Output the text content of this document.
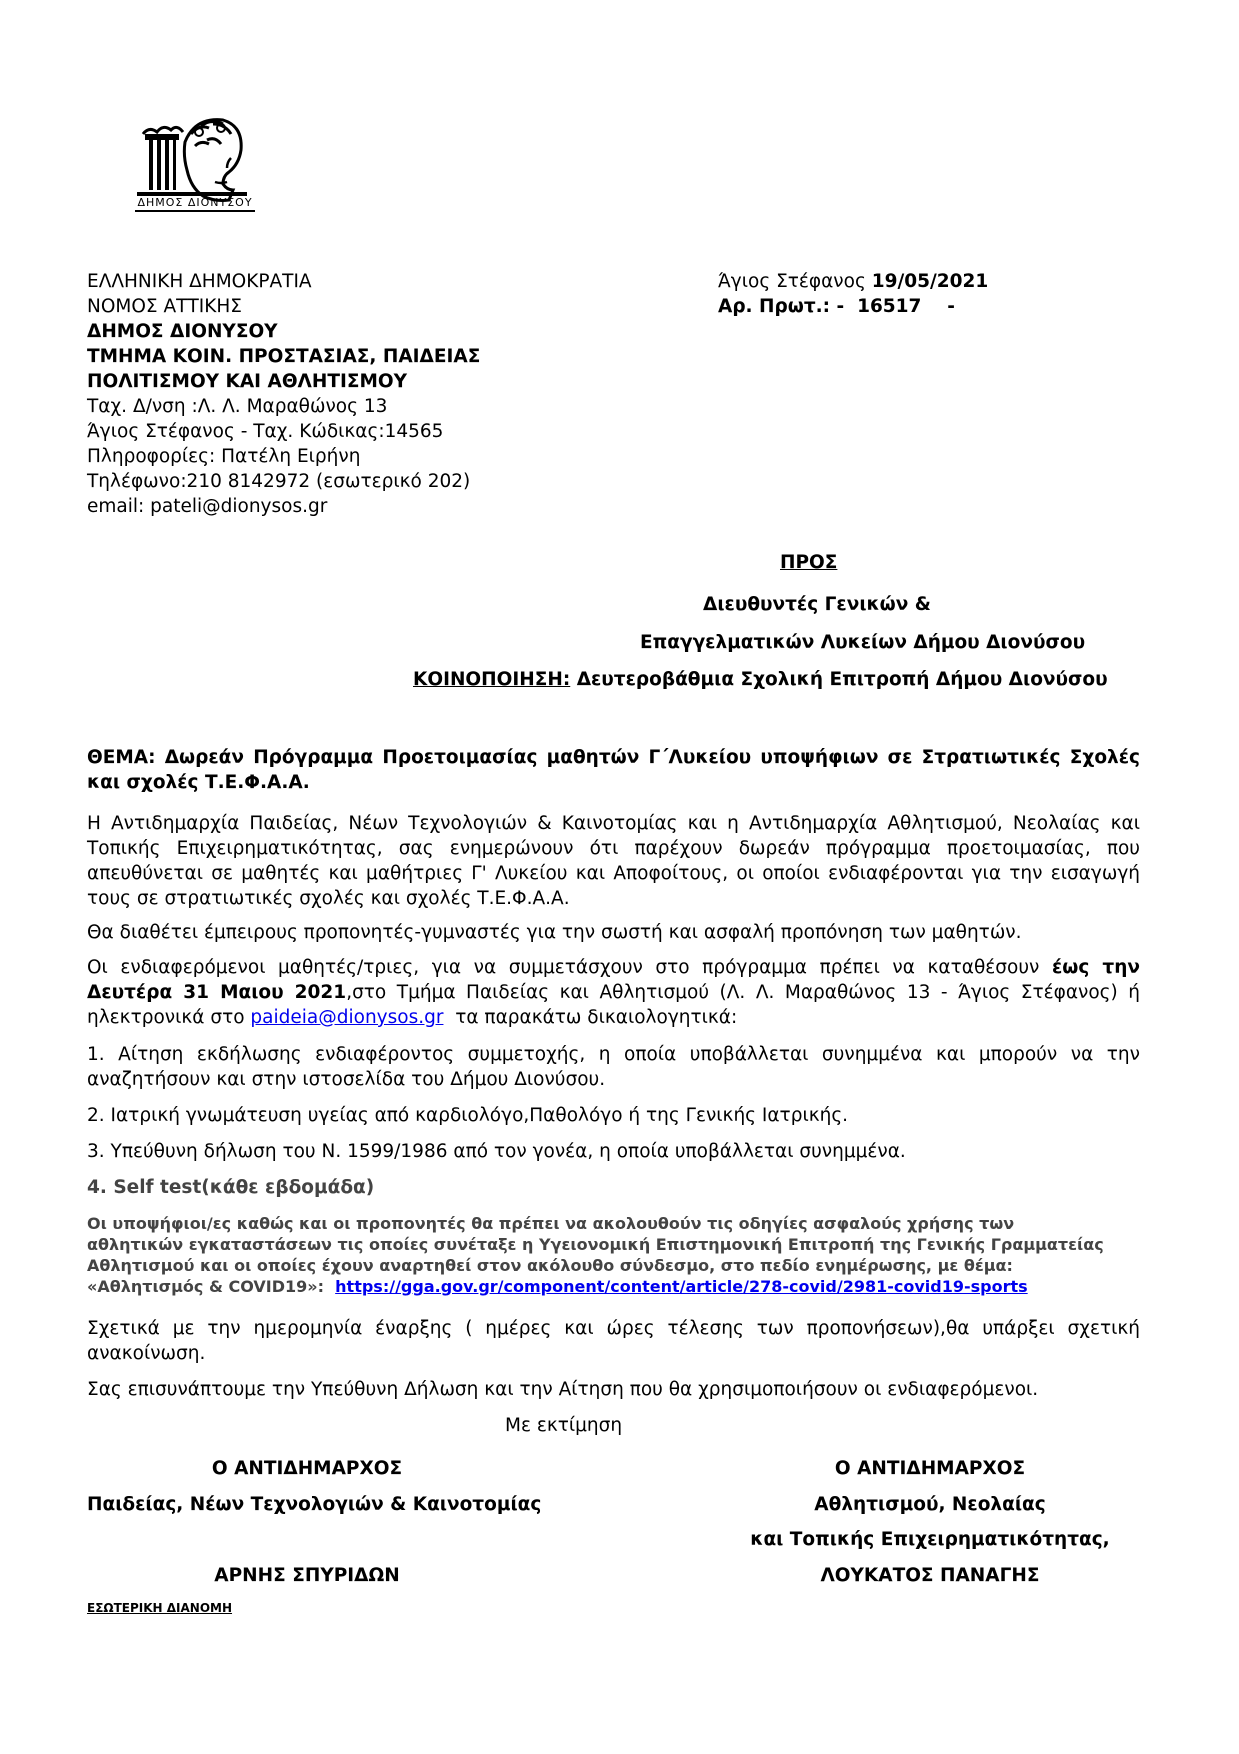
ΔΗΜΟΣ ΔΙΟΝΥΣΟΥ
ΕΛΛΗΝΙΚΗ ΔΗΜΟΚΡΑΤΙΑ
ΝΟΜΟΣ ΑΤΤΙΚΗΣ
ΔΗΜΟΣ ΔΙΟΝΥΣΟΥ
ΤΜΗΜΑ ΚΟΙΝ. ΠΡΟΣΤΑΣΙΑΣ, ΠΑΙΔΕΙΑΣ
ΠΟΛΙΤΙΣΜΟΥ ΚΑΙ ΑΘΛΗΤΙΣΜΟΥ
Ταχ. Δ/νση :Λ. Λ. Μαραθώνος 13
Άγιος Στέφανος - Ταχ. Κώδικας:14565
Πληροφορίες: Πατέλη Ειρήνη
Τηλέφωνο:210 8142972 (εσωτερικό 202)
email: pateli@dionysos.gr
Άγιος Στέφανος 19/05/2021
Αρ. Πρωτ.: -  16517    -
ΠΡΟΣ
Διευθυντές Γενικών &
Επαγγελματικών Λυκείων Δήμου Διονύσου
ΚΟΙΝΟΠΟΙΗΣΗ: Δευτεροβάθμια Σχολική Επιτροπή Δήμου Διονύσου
ΘΕΜΑ: Δωρεάν Πρόγραμμα Προετοιμασίας μαθητών Γ΄Λυκείου υποψήφιων σε Στρατιωτικές Σχολές
και σχολές Τ.Ε.Φ.Α.Α.
Η Αντιδημαρχία Παιδείας, Νέων Τεχνολογιών & Καινοτομίας και η Αντιδημαρχία Αθλητισμού, Νεολαίας και Τοπικής Επιχειρηματικότητας, σας ενημερώνουν ότι παρέχουν δωρεάν πρόγραμμα προετοιμασίας, που απευθύνεται σε μαθητές και μαθήτριες Γ' Λυκείου και Αποφοίτους, οι οποίοι ενδιαφέρονται για την εισαγωγή τους σε στρατιωτικές σχολές και σχολές Τ.Ε.Φ.Α.Α.
Θα διαθέτει έμπειρους προπονητές-γυμναστές για την σωστή και ασφαλή προπόνηση των μαθητών.
Οι ενδιαφερόμενοι μαθητές/τριες, για να συμμετάσχουν στο πρόγραμμα πρέπει να καταθέσουν έως την Δευτέρα 31 Μαιου 2021,στο Τμήμα Παιδείας και Αθλητισμού (Λ. Λ. Μαραθώνος 13 - Άγιος Στέφανος) ή ηλεκτρονικά στο paideia@dionysos.gr  τα παρακάτω δικαιολογητικά:
1. Αίτηση εκδήλωσης ενδιαφέροντος συμμετοχής, η οποία υποβάλλεται συνημμένα και μπορούν να την αναζητήσουν και στην ιστοσελίδα του Δήμου Διονύσου.
2. Ιατρική γνωμάτευση υγείας από καρδιολόγο,Παθολόγο ή της Γενικής Ιατρικής.
3. Υπεύθυνη δήλωση του Ν. 1599/1986 από τον γονέα, η οποία υποβάλλεται συνημμένα.
4. Self test(κάθε εβδομάδα)
Οι υποψήφιοι/ες καθώς και οι προπονητές θα πρέπει να ακολουθούν τις οδηγίες ασφαλούς χρήσης των
αθλητικών εγκαταστάσεων τις οποίες συνέταξε η Υγειονομική Επιστημονική Επιτροπή της Γενικής Γραμματείας
Αθλητισμού και οι οποίες έχουν αναρτηθεί στον ακόλουθο σύνδεσμο, στο πεδίο ενημέρωσης, με θέμα:
«Αθλητισμός & COVID19»:  https://gga.gov.gr/component/content/article/278-covid/2981-covid19-sports
Σχετικά με την ημερομηνία έναρξης ( ημέρες και ώρες τέλεσης των προπονήσεων),θα υπάρξει σχετική ανακοίνωση.
Σας επισυνάπτουμε την Υπεύθυνη Δήλωση και την Αίτηση που θα χρησιμοποιήσουν οι ενδιαφερόμενοι.
Με εκτίμηση
Ο ΑΝΤΙΔΗΜΑΡΧΟΣ
Παιδείας, Νέων Τεχνολογιών & Καινοτομίας
ΑΡΝΗΣ ΣΠΥΡΙΔΩΝ
Ο ΑΝΤΙΔΗΜΑΡΧΟΣ
Αθλητισμού, Νεολαίας
και Τοπικής Επιχειρηματικότητας,
ΛΟΥΚΑΤΟΣ ΠΑΝΑΓΗΣ
ΕΣΩΤΕΡΙΚΗ ΔΙΑΝΟΜΗ
